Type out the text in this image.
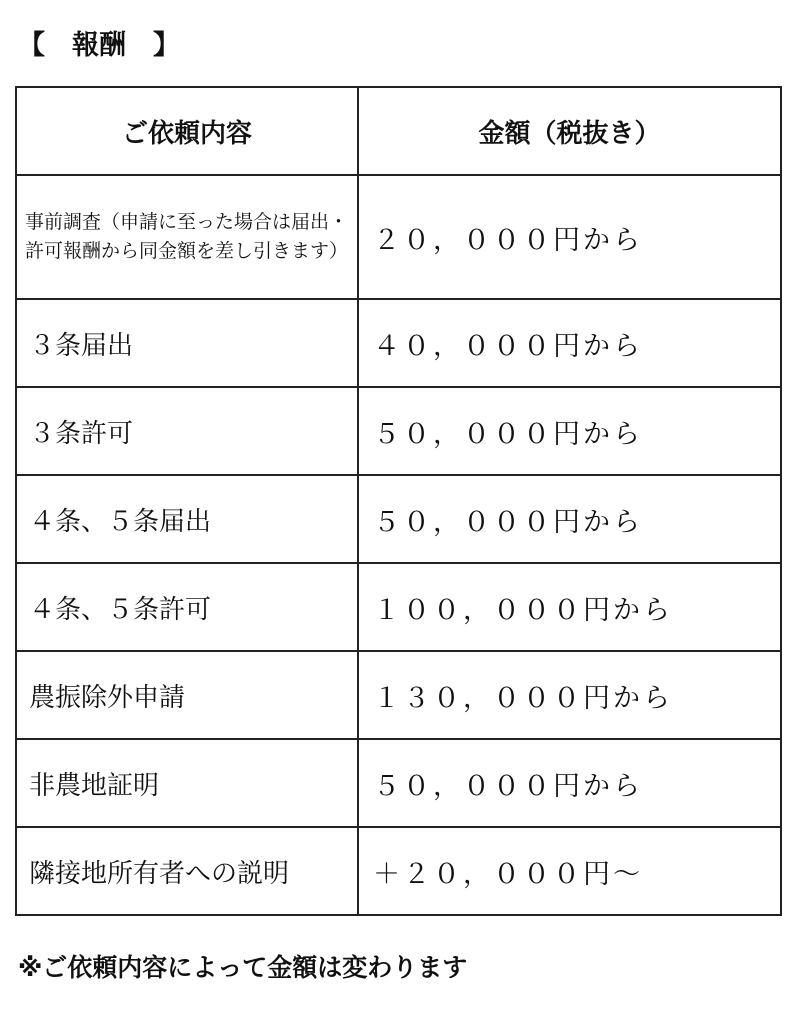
【　報酬　】
ご依頼内容	金額（税抜き）
事前調査（申請に至った場合は届出・許可報酬から同金額を差し引きます）	２０，０００円から
３条届出	４０，０００円から
３条許可	５０，０００円から
４条、５条届出	５０，０００円から
４条、５条許可	１００，０００円から
農振除外申請	１３０，０００円から
非農地証明	５０，０００円から
隣接地所有者への説明	＋２０，０００円～

※ご依頼内容によって金額は変わります
